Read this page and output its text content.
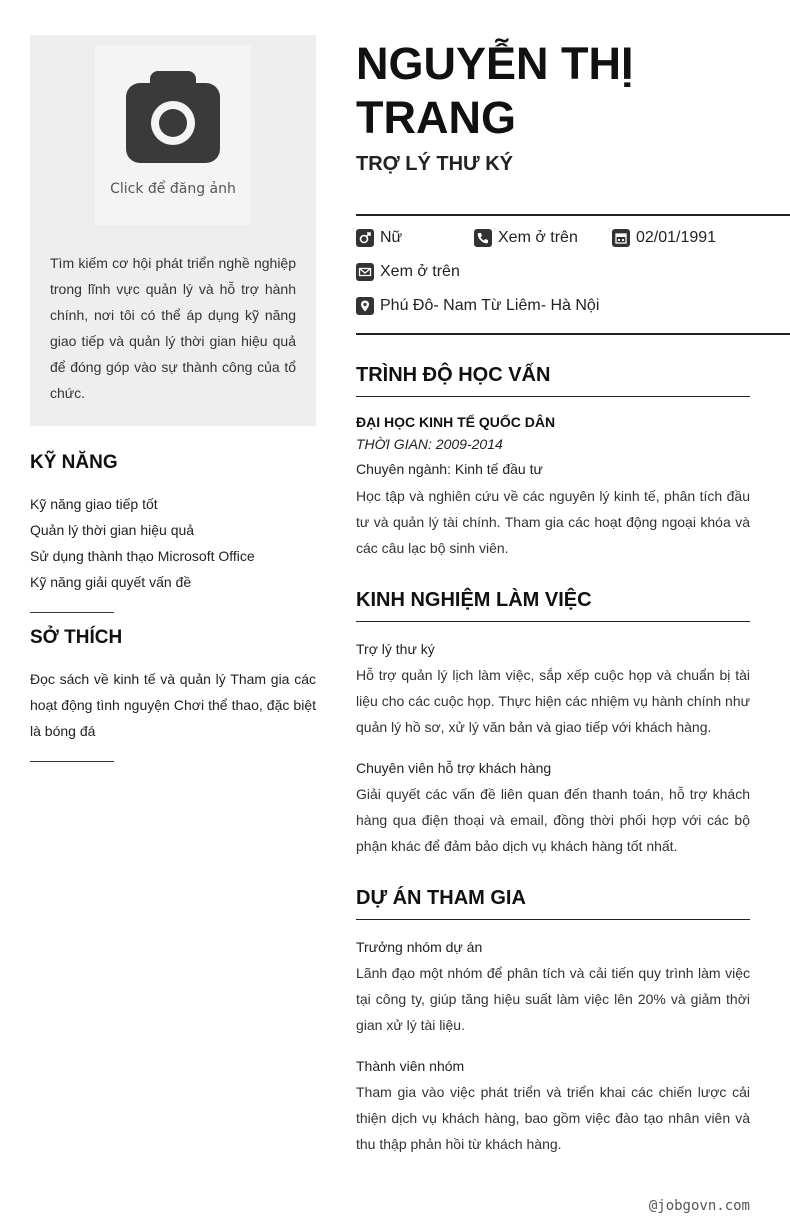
Click để đăng ảnh

Tìm kiếm cơ hội phát triển nghề nghiệp trong lĩnh vực quản lý và hỗ trợ hành chính, nơi tôi có thể áp dụng kỹ năng giao tiếp và quản lý thời gian hiệu quả để đóng góp vào sự thành công của tổ chức.

KỸ NĂNG
Kỹ năng giao tiếp tốt
Quản lý thời gian hiệu quả
Sử dụng thành thạo Microsoft Office
Kỹ năng giải quyết vấn đề
SỞ THÍCH

Đọc sách về kinh tế và quản lý Tham gia các hoạt động tình nguyện Chơi thể thao, đặc biệt là bóng đá

NGUYỄN THỊ TRANG
TRỢ LÝ THƯ KÝ
Nữ	Xem ở trên	02/01/1991
Xem ở trên
Phú Đô- Nam Từ Liêm- Hà Nội
TRÌNH ĐỘ HỌC VẤN
ĐẠI HỌC KINH TẾ QUỐC DÂN
THỜI GIAN: 2009-2014
Chuyên ngành: Kinh tế đầu tư

Học tập và nghiên cứu về các nguyên lý kinh tế, phân tích đầu tư và quản lý tài chính. Tham gia các hoạt động ngoại khóa và các câu lạc bộ sinh viên.

KINH NGHIỆM LÀM VIỆC
Trợ lý thư ký

Hỗ trợ quản lý lịch làm việc, sắp xếp cuộc họp và chuẩn bị tài liệu cho các cuộc họp. Thực hiện các nhiệm vụ hành chính như quản lý hồ sơ, xử lý văn bản và giao tiếp với khách hàng.

Chuyên viên hỗ trợ khách hàng

Giải quyết các vấn đề liên quan đến thanh toán, hỗ trợ khách hàng qua điện thoại và email, đồng thời phối hợp với các bộ phận khác để đảm bảo dịch vụ khách hàng tốt nhất.

DỰ ÁN THAM GIA
Trưởng nhóm dự án

Lãnh đạo một nhóm để phân tích và cải tiến quy trình làm việc tại công ty, giúp tăng hiệu suất làm việc lên 20% và giảm thời gian xử lý tài liệu.

Thành viên nhóm

Tham gia vào việc phát triển và triển khai các chiến lược cải thiện dịch vụ khách hàng, bao gồm việc đào tạo nhân viên và thu thập phản hồi từ khách hàng.

@jobgovn.com
